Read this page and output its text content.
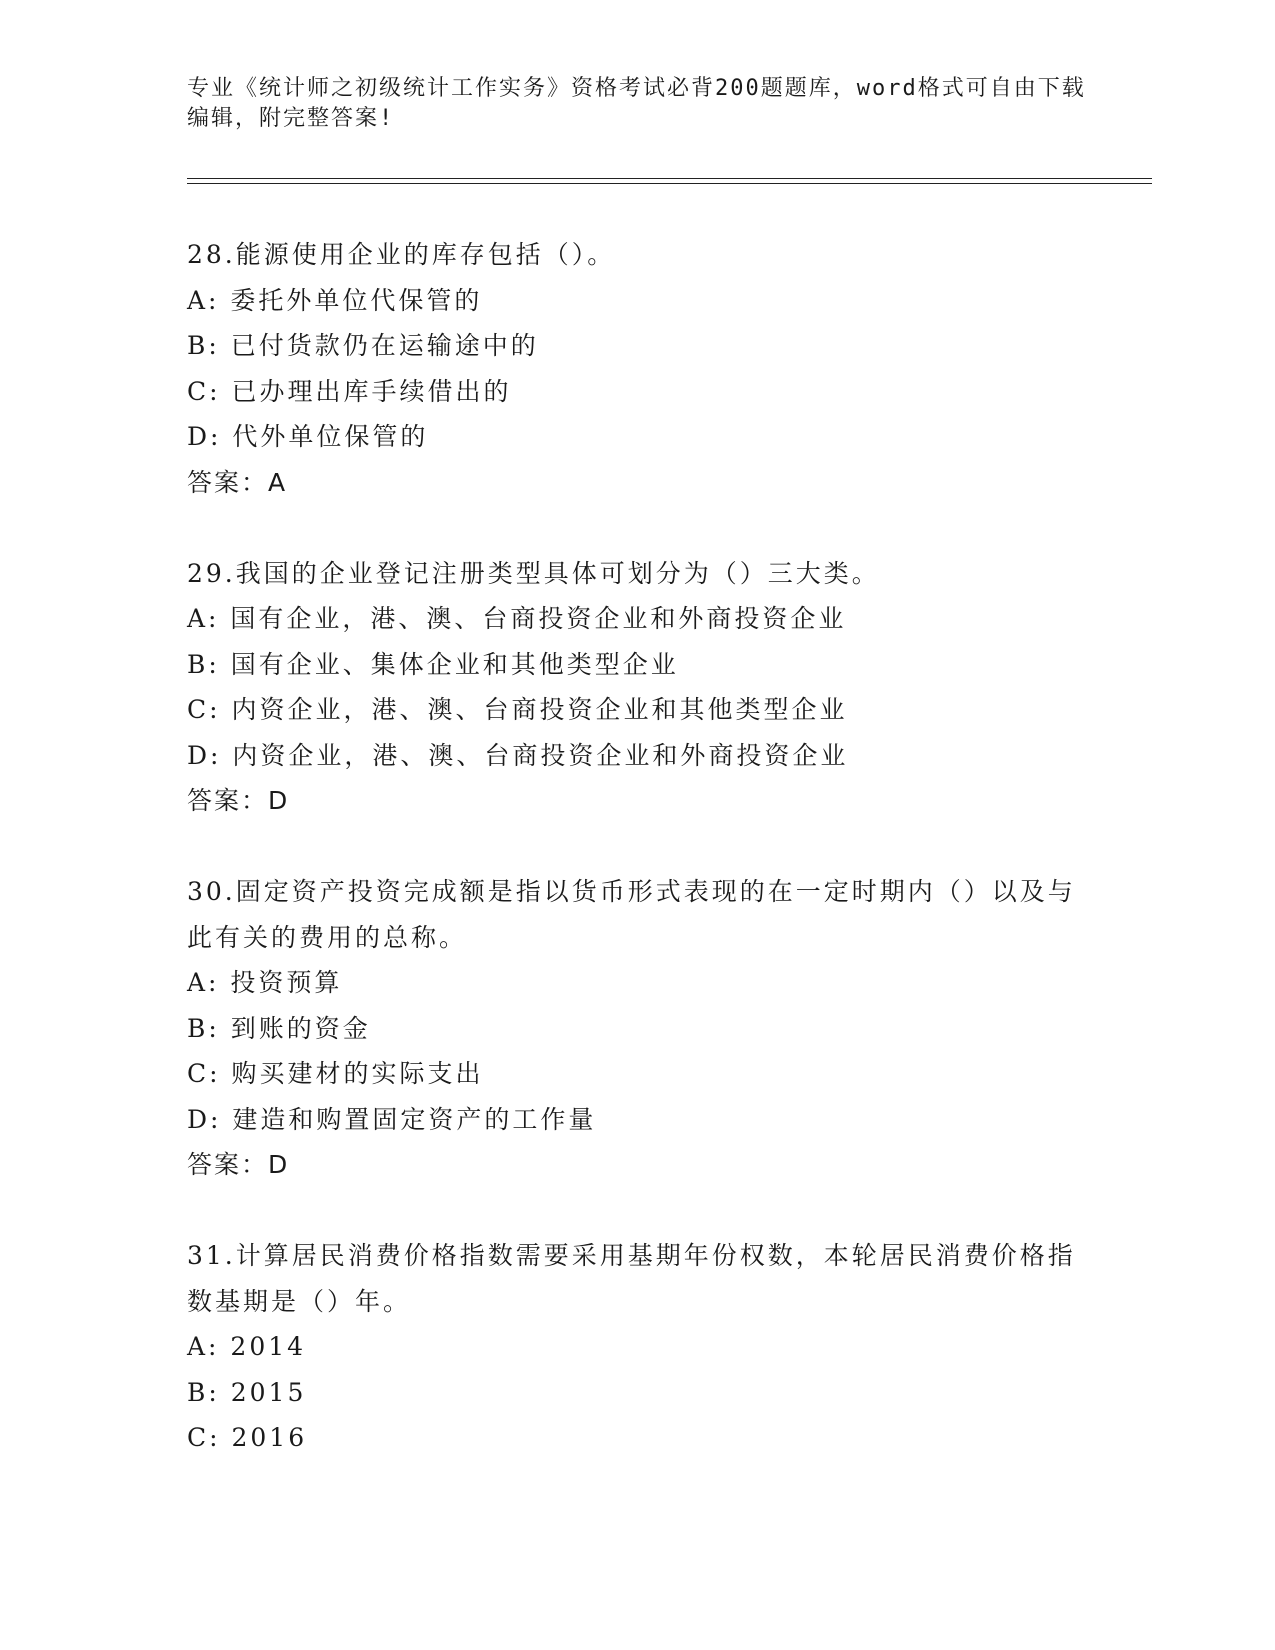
专业《统计师之初级统计工作实务》资格考试必背200题题库，word格式可自由下载编辑，附完整答案!

28.能源使用企业的库存包括（）。

A: 委托外单位代保管的

B: 已付货款仍在运输途中的

C: 已办理出库手续借出的

D: 代外单位保管的

答案：A

29.我国的企业登记注册类型具体可划分为（）三大类。

A: 国有企业，港、澳、台商投资企业和外商投资企业

B: 国有企业、集体企业和其他类型企业

C: 内资企业，港、澳、台商投资企业和其他类型企业

D: 内资企业，港、澳、台商投资企业和外商投资企业

答案：D

30.固定资产投资完成额是指以货币形式表现的在一定时期内（）以及与此有关的费用的总称。

A: 投资预算

B: 到账的资金

C: 购买建材的实际支出

D: 建造和购置固定资产的工作量

答案：D

31.计算居民消费价格指数需要采用基期年份权数，本轮居民消费价格指数基期是（）年。

A: 2014

B: 2015

C: 2016
